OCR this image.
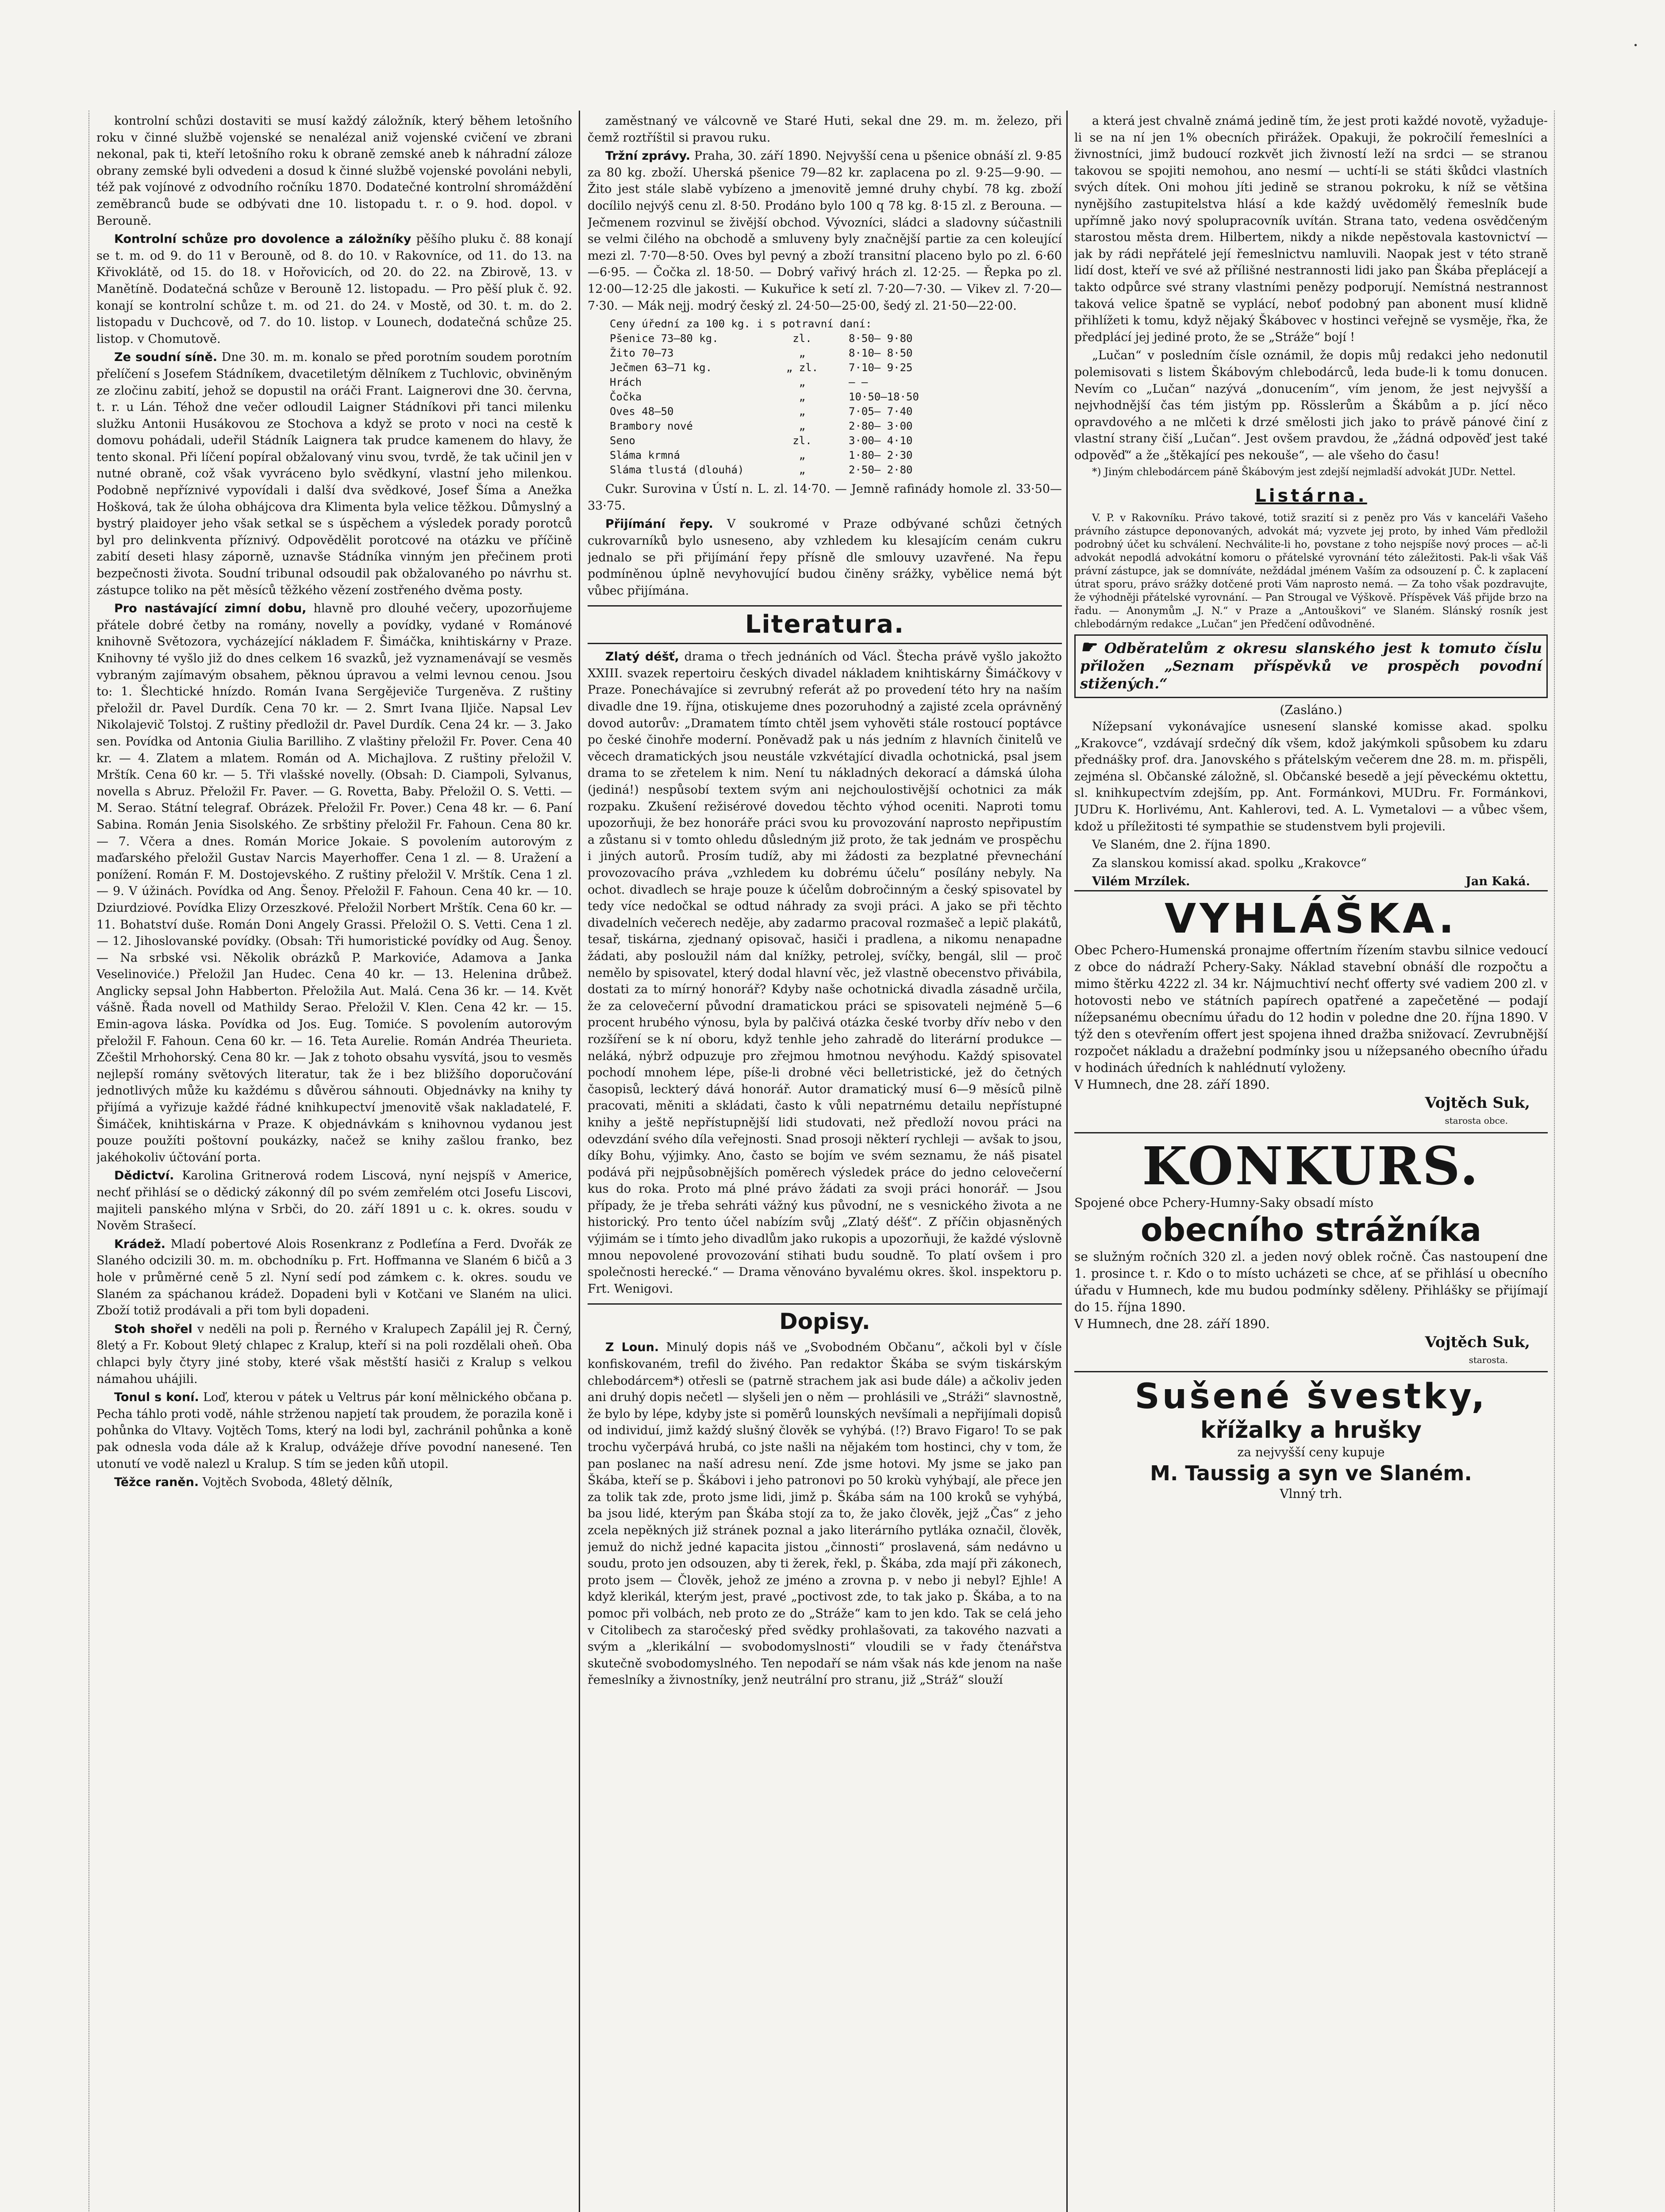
·

kontrolní schůzi dostaviti se musí každý záložník, který během letošního roku v činné službě vojenské se nenalézal aniž vojenské cvičení ve zbrani nekonal, pak ti, kteří letošního roku k obraně zemské aneb k náhradní záloze obrany zemské byli odvedeni a dosud k činné službě vojenské povoláni nebyli, též pak vojínové z odvodního ročníku 1870. Dodatečné kontrolní shromáždění zeměbranců bude se odbývati dne 10. listopadu t. r. o 9. hod. dopol. v Berouně.

Kontrolní schůze pro dovolence a záložníky pěšího pluku č. 88 konají se t. m. od 9. do 11 v Berouně, od 8. do 10. v Rakovníce, od 11. do 13. na Křivoklátě, od 15. do 18. v Hořovicích, od 20. do 22. na Zbirově, 13. v Manětíně. Dodatečná schůze v Berouně 12. listopadu. — Pro pěší pluk č. 92. konají se kontrolní schůze t. m. od 21. do 24. v Mostě, od 30. t. m. do 2. listopadu v Duchcově, od 7. do 10. listop. v Lounech, dodatečná schůze 25. listop. v Chomutově.

Ze soudní síně. Dne 30. m. m. konalo se před porotním soudem porotním přelíčení s Josefem Stádníkem, dvacetiletým dělníkem z Tuchlovic, obviněným ze zločinu zabití, jehož se dopustil na oráči Frant. Laignerovi dne 30. června, t. r. u Lán. Téhož dne večer odloudil Laigner Stádníkovi při tanci milenku služku Antonii Husákovou ze Stochova a když se proto v noci na cestě k domovu pohádali, udeřil Stádník Laignera tak prudce kamenem do hlavy, že tento skonal. Při líčení popíral obžalovaný vinu svou, tvrdě, že tak učinil jen v nutné obraně, což však vyvráceno bylo svědkyní, vlastní jeho milenkou. Podobně nepříznivé vypovídali i další dva svědkové, Josef Šíma a Anežka Hošková, tak že úloha obhájcova dra Klimenta byla velice těžkou. Důmyslný a bystrý plaidoyer jeho však setkal se s úspěchem a výsledek porady porotců byl pro delinkventa příznivý. Odpovědělit porotcové na otázku ve příčině zabití deseti hlasy záporně, uznavše Stádníka vinným jen přečinem proti bezpečnosti života. Soudní tribunal odsoudil pak obžalovaného po návrhu st. zástupce toliko na pět měsíců těžkého vězení zostřeného dvěma posty.

Pro nastávající zimní dobu, hlavně pro dlouhé večery, upozorňujeme přátele dobré četby na romány, novelly a povídky, vydané v Románové knihovně Světozora, vycházející nákladem F. Šimáčka, knihtiskárny v Praze. Knihovny té vyšlo již do dnes celkem 16 svazků, jež vyznamenávají se vesměs vybraným zajímavým obsahem, pěknou úpravou a velmi levnou cenou. Jsou to: 1. Šlechtické hnízdo. Román Ivana Sergějeviče Turgeněva. Z ruštiny přeložil dr. Pavel Durdík. Cena 70 kr. — 2. Smrt Ivana Iljiče. Napsal Lev Nikolajevič Tolstoj. Z ruštiny předložil dr. Pavel Durdík. Cena 24 kr. — 3. Jako sen. Povídka od Antonia Giulia Barilliho. Z vlaštiny přeložil Fr. Pover. Cena 40 kr. — 4. Zlatem a mlatem. Román od A. Michajlova. Z ruštiny přeložil V. Mrštík. Cena 60 kr. — 5. Tři vlašské novelly. (Obsah: D. Ciampoli, Sylvanus, novella s Abruz. Přeložil Fr. Paver. — G. Rovetta, Baby. Přeložil O. S. Vetti. — M. Serao. Státní telegraf. Obrázek. Přeložil Fr. Pover.) Cena 48 kr. — 6. Paní Sabina. Román Jenia Sisolského. Ze srbštiny přeložil Fr. Fahoun. Cena 80 kr. — 7. Včera a dnes. Román Morice Jokaie. S povolením autorovým z maďarského přeložil Gustav Narcis Mayerhoffer. Cena 1 zl. — 8. Uražení a ponížení. Román F. M. Dostojevského. Z ruštiny přeložil V. Mrštík. Cena 1 zl. — 9. V úžinách. Povídka od Ang. Šenoy. Přeložil F. Fahoun. Cena 40 kr. — 10. Dziurdziové. Povídka Elizy Orzeszkové. Přeložil Norbert Mrštík. Cena 60 kr. — 11. Bohatství duše. Román Doni Angely Grassi. Přeložil O. S. Vetti. Cena 1 zl. — 12. Jihoslovanské povídky. (Obsah: Tři humoristické povídky od Aug. Šenoy. — Na srbské vsi. Několik obrázků P. Markoviće, Adamova a Janka Veselinoviće.) Přeložil Jan Hudec. Cena 40 kr. — 13. Helenina drůbež. Anglicky sepsal John Habberton. Přeložila Aut. Malá. Cena 36 kr. — 14. Květ vášně. Řada novell od Mathildy Serao. Přeložil V. Klen. Cena 42 kr. — 15. Emin-agova láska. Povídka od Jos. Eug. Tomiće. S povolením autorovým přeložil F. Fahoun. Cena 60 kr. — 16. Teta Aurelie. Román Andréa Theurieta. Zčeštil Mrhohorský. Cena 80 kr. — Jak z tohoto obsahu vysvítá, jsou to vesměs nejlepší romány světových literatur, tak že i bez bližšího doporučování jednotlivých může ku každému s důvěrou sáhnouti. Objednávky na knihy ty přijímá a vyřizuje každé řádné knihkupectví jmenovitě však nakladatelé, F. Šimáček, knihtiskárna v Praze. K objednávkám s knihovnou vydanou jest pouze použíti poštovní poukázky, načež se knihy zašlou franko, bez jakéhokoliv účtování porta.

Dědictví. Karolina Gritnerová rodem Liscová, nyní nejspíš v Americe, nechť přihlásí se o dědický zákonný díl po svém zemřelém otci Josefu Liscovi, majiteli panského mlýna v Srbči, do 20. září 1891 u c. k. okres. soudu v Nověm Strašecí.

Krádež. Mladí pobertové Alois Rosenkranz z Podleťína a Ferd. Dvořák ze Slaného odcizili 30. m. m. obchodníku p. Frt. Hoffmanna ve Slaném 6 bičů a 3 hole v průměrné ceně 5 zl. Nyní sedí pod zámkem c. k. okres. soudu ve Slaném za spáchanou krádež. Dopadeni byli v Kotčani ve Slaném na ulici. Zboží totiž prodávali a při tom byli dopadeni.

Stoh shořel v neděli na poli p. Řerného v Kralupech Zapálil jej R. Černý, 8letý a Fr. Kobout 9letý chlapec z Kralup, kteří si na poli rozdělali oheň. Oba chlapci byly čtyry jiné stoby, které však městští hasiči z Kralup s velkou námahou uhájili.

Tonul s koní. Loď, kterou v pátek u Veltrus pár koní mělnického občana p. Pecha táhlo proti vodě, náhle strženou napjetí tak proudem, že porazila koně i pohůnka do Vltavy. Vojtěch Toms, který na lodi byl, zachránil pohůnka a koně pak odnesla voda dále až k Kralup, odvážeje dříve povodní nanesené. Ten utonutí ve vodě nalezl u Kralup. S tím se jeden kůň utopil.

Těžce raněn. Vojtěch Svoboda, 48letý dělník,

zaměstnaný ve válcovně ve Staré Huti, sekal dne 29. m. m. železo, při čemž roztříštil si pravou ruku.

Tržní zprávy. Praha, 30. září 1890. Nejvyšší cena u pšenice obnáší zl. 9·85 za 80 kg. zboží. Uherská pšenice 79—82 kr. zaplacena po zl. 9·25—9·90. — Žito jest stále slabě vybízeno a jmenovitě jemné druhy chybí. 78 kg. zboží docílilo nejvýš cenu zl. 8·50. Prodáno bylo 100 q 78 kg. 8·15 zl. z Berouna. — Ječmenem rozvinul se živější obchod. Vývozníci, sládci a sladovny súčastnili se velmi čilého na obchodě a smluveny byly značnější partie za cen koleující mezi zl. 7·70—8·50. Oves byl pevný a zboží transitní placeno bylo po zl. 6·60—6·95. — Čočka zl. 18·50. — Dobrý vařivý hrách zl. 12·25. — Řepka po zl. 12·00—12·25 dle jakosti. — Kukuřice k setí zl. 7·20—7·30. — Vikev zl. 7·20—7·30. — Mák nejj. modrý český zl. 24·50—25·00, šedý zl. 21·50—22·00.

Ceny úřední za 100 kg. i s potravní daní:
Pšenice 73—80 kg.	zl.	8·50— 9·80
Žito 70—73	„	8·10— 8·50
Ječmen 63—71 kg.	„ zl.	7·10— 9·25
Hrách	„	— —
Čočka	„	10·50—18·50
Oves 48—50	„	7·05— 7·40
Brambory nové	„	2·80— 3·00
Seno	zl.	3·00— 4·10
Sláma krmná	„	1·80— 2·30
Sláma tlustá (dlouhá)	„	2·50— 2·80

Cukr. Surovina v Ústí n. L. zl. 14·70. — Jemně rafinády homole zl. 33·50—33·75.

Přijímání řepy. V soukromé v Praze odbývané schůzi četných cukrovarníků bylo usneseno, aby vzhledem ku klesajícím cenám cukru jednalo se při přijímání řepy přísně dle smlouvy uzavřené. Na řepu podmíněnou úplně nevyhovující budou činěny srážky, vybělice nemá být vůbec přijímána.

Literatura.

Zlatý déšť, drama o třech jednáních od Václ. Štecha právě vyšlo jakožto XXIII. svazek repertoiru českých divadel nákladem knihtiskárny Šimáčkovy v Praze. Ponechávajíce si zevrubný referát až po provedení této hry na naším divadle dne 19. října, otiskujeme dnes pozoruhodný a zajisté zcela oprávněný dovod autorův: „Dramatem tímto chtěl jsem vyhověti stále rostoucí poptávce po české činohře moderní. Poněvadž pak u nás jedním z hlavních činitelů ve věcech dramatických jsou neustále vzkvétající divadla ochotnická, psal jsem drama to se zřetelem k nim. Není tu nákladných dekorací a dámská úloha (jediná!) nespůsobí textem svým ani nejchoulostivější ochotnici za mák rozpaku. Zkušení režisérové dovedou těchto výhod oceniti. Naproti tomu upozorňuji, že bez honoráře práci svou ku provozování naprosto nepřipustím a zůstanu si v tomto ohledu důsledným již proto, že tak jednám ve prospěchu i jiných autorů. Prosím tudíž, aby mi žádosti za bezplatné převnechání provozovacího práva „vzhledem ku dobrému účelu“ posílány nebyly. Na ochot. divadlech se hraje pouze k účelům dobročinným a český spisovatel by tedy více nedočkal se odtud náhrady za svoji práci. A jako se při těchto divadelních večerech neděje, aby zadarmo pracoval rozmašeč a lepič plakátů, tesař, tiskárna, zjednaný opisovač, hasiči i pradlena, a nikomu nenapadne žádati, aby posloužil nám dal knížky, petrolej, svíčky, bengál, slil — proč nemělo by spisovatel, který dodal hlavní věc, jež vlastně obecenstvo přivábila, dostati za to mírný honorář? Kdyby naše ochotnická divadla zásadně určila, že za celovečerní původní dramatickou práci se spisovateli nejméně 5—6 procent hrubého výnosu, byla by palčivá otázka české tvorby dřív nebo v den rozšíření se k ní oboru, když tenhle jeho zahradě do literární produkce — neláká, nýbrž odpuzuje pro zřejmou hmotnou nevýhodu. Každý spisovatel pochodí mnohem lépe, píše-li drobné věci belletristické, jež do četných časopisů, leckterý dává honorář. Autor dramatický musí 6—9 měsíců pilně pracovati, měniti a skládati, často k vůli nepatrnému detailu nepřístupné knihy a ještě nepřístupnější lidi studovati, než předloží novou práci na odevzdání svého díla veřejnosti. Snad prosoji některí rychleji — avšak to jsou, díky Bohu, výjimky. Ano, často se bojím ve svém seznamu, že náš pisatel podává při nejpůsobnějších poměrech výsledek práce do jedno celovečerní kus do roka. Proto má plné právo žádati za svoji práci honorář. — Jsou případy, že je třeba sehráti vážný kus původní, ne s vesnického života a ne historický. Pro tento účel nabízím svůj „Zlatý déšť“. Z příčin objasněných výjimám se i tímto jeho divadlům jako rukopis a upozorňuji, že každé výslovně mnou nepovolené provozování stihati budu soudně. To platí ovšem i pro společnosti herecké.“ — Drama věnováno byvalému okres. škol. inspektoru p. Frt. Wenigovi.

Dopisy.

Z Loun. Minulý dopis náš ve „Svobodném Občanu“, ačkoli byl v čísle konfiskovaném, trefil do živého. Pan redaktor Škába se svým tiskárským chlebodárcem*) otřesli se (patrně strachem jak asi bude dále) a ačkoliv jeden ani druhý dopis nečetl — slyšeli jen o něm — prohlásili ve „Stráži“ slavnostně, že bylo by lépe, kdyby jste si poměrů lounských nevšímali a nepřijímali dopisů od individuí, jimž každý slušný člověk se vyhýbá. (!?) Bravo Figaro! To se pak trochu vyčerpává hrubá, co jste našli na nějakém tom hostinci, chy v tom, že pan poslanec na naší adresu není. Zde jsme hotovi. My jsme se jako pan Škába, kteří se p. Škábovi i jeho patronovi po 50 krokù vyhýbají, ale přece jen za tolik tak zde, proto jsme lidi, jimž p. Škába sám na 100 kroků se vyhýbá, ba jsou lidé, kterým pan Škába stojí za to, že jako člověk, jejž „Čas“ z jeho zcela nepěkných již stránek poznal a jako literárního pytláka označil, člověk, jemuž do nichž jedné kapacita jistou „činnosti“ proslavená, sám nedávno u soudu, proto jen odsouzen, aby ti žerek, řekl, p. Škába, zda mají při zákonech, proto jsem — Člověk, jehož ze jméno a zrovna p. v nebo ji nebyl? Ejhle! A když klerikál, kterým jest, pravé „poctivost zde, to tak jako p. Škába, a to na pomoc při volbách, neb proto ze do „Stráže“ kam to jen kdo. Tak se celá jeho v Citolibech za staročeský před svědky prohlašovati, za takového nazvati a svým a „klerikální — svobodomyslnosti“ vloudili se v řady čtenářstva skutečně svobodomyslného. Ten nepodaří se nám však nás kde jenom na naše řemeslníky a živnostníky, jenž neutrální pro stranu, již „Stráž“ slouží

a která jest chvalně známá jedině tím, že jest proti každé novotě, vyžaduje-li se na ní jen 1% obecních přirážek. Opakuji, že pokročilí řemeslníci a živnostníci, jimž budoucí rozkvět jich živností leží na srdci — se stranou takovou se spojiti nemohou, ano nesmí — uchtí-li se státi škůdci vlastních svých dítek. Oni mohou jíti jedině se stranou pokroku, k níž se většina nynějšího zastupitelstva hlásí a kde každý uvědomělý řemeslník bude upřímně jako nový spolupracovník uvítán. Strana tato, vedena osvědčeným starostou města drem. Hilbertem, nikdy a nikde nepěstovala kastovnictví — jak by rádi nepřátelé její řemeslnictvu namluvili. Naopak jest v této straně lidí dost, kteří ve své až přílišné nestrannosti lidi jako pan Škába přeplácejí a takto odpůrce své strany vlastními penězy podporují. Nemístná nestrannost taková velice špatně se vyplácí, neboť podobný pan abonent musí klidně přihlížeti k tomu, když nějaký Škábovec v hostinci veřejně se vysměje, řka, že předplácí jej jediné proto, že se „Stráže“ bojí !

„Lučan“ v posledním čísle oznámil, že dopis můj redakci jeho nedonutil polemisovati s listem Škábovým chlebodárců, leda bude-li k tomu donucen. Nevím co „Lučan“ nazývá „donucením“, vím jenom, že jest nejvyšší a nejvhodnější čas tém jistým pp. Rösslerům a Škábům a p. jící něco opravdového a ne mlčeti k drzé smělosti jich jako to právě pánové činí z vlastní strany čiší „Lučan“. Jest ovšem pravdou, že „žádná odpověď jest také odpověď“ a že „štěkající pes nekouše“, — ale všeho do času!

*) Jiným chlebodárcem páně Škábovým jest zdejší nejmladší advokát JUDr. Nettel.

Listárna.

V. P. v Rakovníku. Právo takové, totiž srazití si z peněz pro Vás v kanceláři Vašeho právního zástupce deponovaných, advokát má; vyzvete jej proto, by inhed Vám předložil podrobný účet ku schválení. Nechválite-li ho, povstane z toho nejspíše nový proces — ač-li advokát nepodlá advokátní komoru o přátelské vyrovnání této záležitosti. Pak-li však Váš právní zástupce, jak se domníváte, neždádal jménem Vaším za odsouzení p. Č. k zaplacení útrat sporu, právo srážky dotčené proti Vám naprosto nemá. — Za toho však pozdravujte, že výhodněji přátelské vyrovnání. — Pan Strougal ve Výškově. Příspěvek Váš přijde brzo na řadu. — Anonymům „J. N.“ v Praze a „Antouškovi“ ve Slaném. Slánský rosník jest chlebodárným redakce „Lučan“ jen Předčení odůvodněné.

☛ Odběratelům z okresu slanského jest k tomuto číslu přiložen „Seznam příspěvků ve prospěch povodní stižených.“

(Zasláno.)

Nížepsaní vykonávajíce usnesení slanské komisse akad. spolku „Krakovce“, vzdávají srdečný dík všem, kdož jakýmkoli spůsobem ku zdaru přednášky prof. dra. Janovského s přátelským večerem dne 28. m. m. přispěli, zejména sl. Občanské záložně, sl. Občanské besedě a její pěveckému oktettu, sl. knihkupectvím zdejším, pp. Ant. Formánkovi, MUDru. Fr. Formánkovi, JUDru K. Horlivému, Ant. Kahlerovi, ted. A. L. Vymetalovi — a vůbec všem, kdož u příležitosti té sympathie se studenstvem byli projevili.

Ve Slaném, dne 2. října 1890.

Za slanskou komissí akad. spolku „Krakovce“

Vilém Mrzílek.	Jan Kaká.
VYHLÁŠKA.
Obec Pchero-Humenská pronajme offertním řízením stavbu silnice vedoucí z obce do nádraží Pchery-Saky. Náklad stavební obnáší dle rozpočtu a mimo štěrku 4222 zl. 34 kr. Nájmuchtiví nechť offerty své vadiem 200 zl. v hotovosti nebo ve státních papírech opatřené a zapečetěné — podají nížepsanému obecnímu úřadu do 12 hodin v poledne dne 20. října 1890. V týž den s otevřením offert jest spojena ihned dražba snižovací. Zevrubnější rozpočet nákladu a dražební podmínky jsou u nížepsaného obecního úřadu v hodinách úředních k nahlédnutí vyloženy.
V Humnech, dne 28. září 1890.
Vojtěch Suk,
starosta obce.
KONKURS.
Spojené obce Pchery-Humny-Saky obsadí místo
obecního strážníka
se služným ročních 320 zl. a jeden nový oblek ročně. Čas nastoupení dne 1. prosince t. r. Kdo o to místo ucházeti se chce, ať se přihlásí u obecního úřadu v Humnech, kde mu budou podmínky sděleny. Přihlášky se přijímají do 15. října 1890.
V Humnech, dne 28. září 1890.
Vojtěch Suk,
starosta.
Sušené švestky,
křížalky a hrušky
za nejvyšší ceny kupuje
M. Taussig a syn ve Slaném.
Vlnný trh.
